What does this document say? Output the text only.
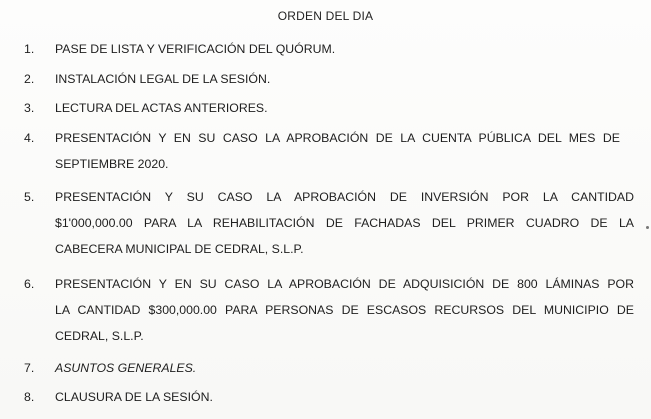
ORDEN DEL DIA
1.	PASE DE LISTA Y VERIFICACIÓN DEL QUÓRUM.
2.	INSTALACIÓN LEGAL DE LA SESIÓN.
3.	LECTURA DEL ACTAS ANTERIORES.
4.	PRESENTACIÓN Y EN SU CASO LA APROBACIÓN DE LA CUENTA PÚBLICA DEL MES DE
SEPTIEMBRE 2020.
5.	PRESENTACIÓN Y SU CASO LA APROBACIÓN DE INVERSIÓN POR LA CANTIDAD
$1'000,000.00 PARA LA REHABILITACIÓN DE FACHADAS DEL PRIMER CUADRO DE LA
CABECERA MUNICIPAL DE CEDRAL, S.L.P.
6.	PRESENTACIÓN Y EN SU CASO LA APROBACIÓN DE ADQUISICIÓN DE 800 LÁMINAS POR
LA CANTIDAD $300,000.00 PARA PERSONAS DE ESCASOS RECURSOS DEL MUNICIPIO DE
CEDRAL, S.L.P.
7.	ASUNTOS GENERALES.
8.	CLAUSURA DE LA SESIÓN.
